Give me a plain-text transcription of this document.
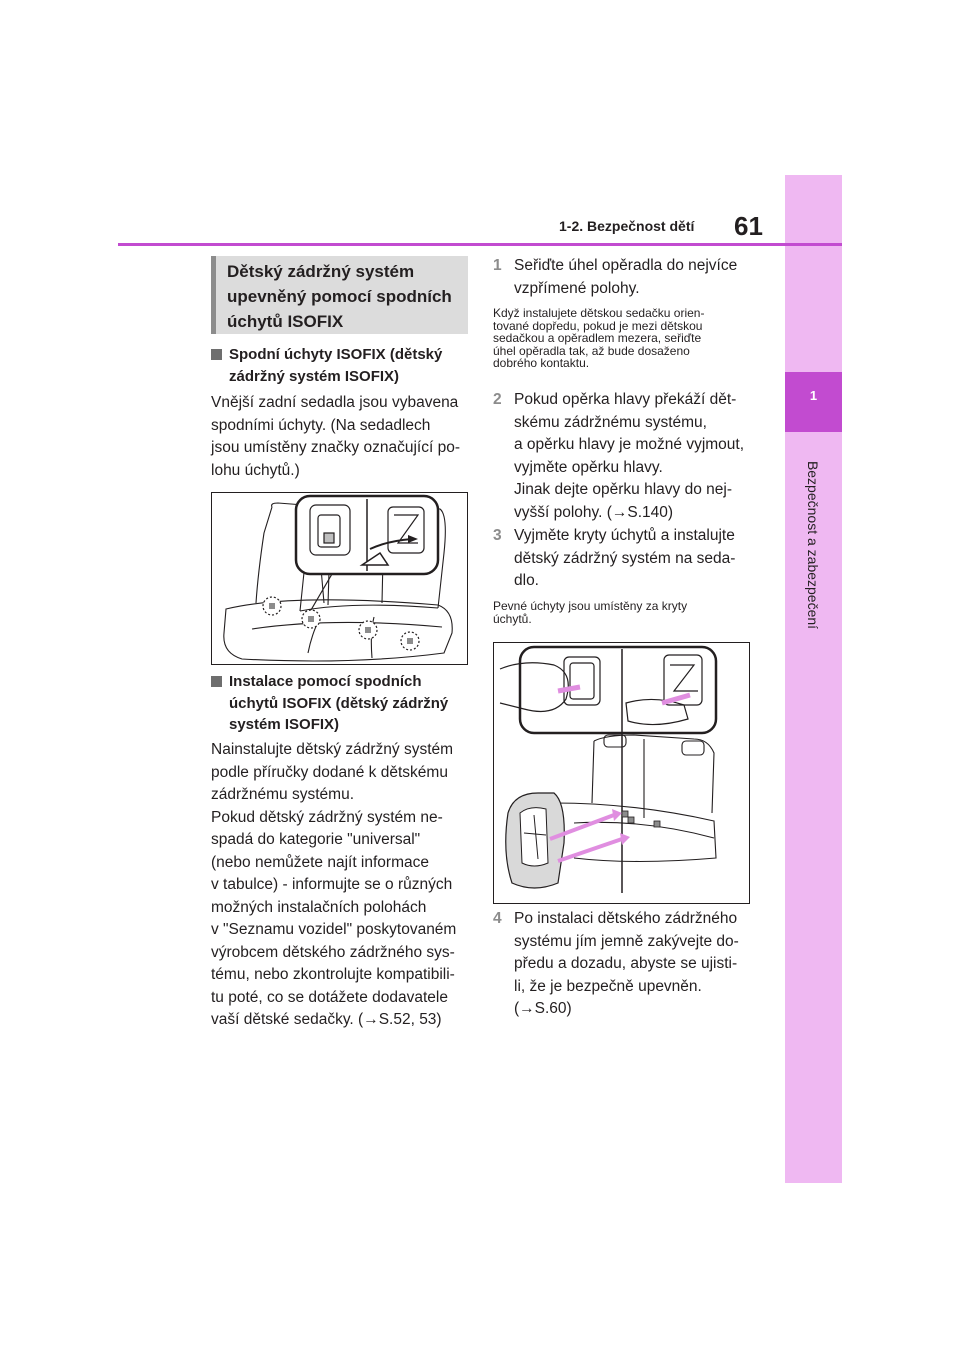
1
Bezpečnost a zabezpečení
1-2. Bezpečnost dětí 61
Dětský zádržný systém
upevněný pomocí spodních
úchytů ISOFIX
Spodní úchyty ISOFIX (dětský
zádržný systém ISOFIX)
Vnější zadní sedadla jsou vybavena
spodními úchyty. (Na sedadlech
jsou umístěny značky označující po-
lohu úchytů.)
Instalace pomocí spodních
úchytů ISOFIX (dětský zádržný
systém ISOFIX)
Nainstalujte dětský zádržný systém
podle příručky dodané k dětskému
zádržnému systému.
Pokud dětský zádržný systém ne-
spadá do kategorie "universal"
(nebo nemůžete najít informace
v tabulce) - informujte se o různých
možných instalačních polohách
v "Seznamu vozidel" poskytovaném
výrobcem dětského zádržného sys-
tému, nebo zkontrolujte kompatibili-
tu poté, co se dotážete dodavatele
vaší dětské sedačky. (→S.52, 53)
1 Seřiďte úhel opěradla do nejvíce
vzpřímené polohy.
Když instalujete dětskou sedačku orien-
tované dopředu, pokud je mezi dětskou
sedačkou a opěradlem mezera, seřiďte
úhel opěradla tak, až bude dosaženo
dobrého kontaktu.
2 Pokud opěrka hlavy překáží dět-
skému zádržnému systému,
a opěrku hlavy je možné vyjmout,
vyjměte opěrku hlavy.
Jinak dejte opěrku hlavy do nej-
vyšší polohy. (→S.140)
3 Vyjměte kryty úchytů a instalujte
dětský zádržný systém na seda-
dlo.
Pevné úchyty jsou umístěny za kryty
úchytů.
4 Po instalaci dětského zádržného
systému jím jemně zakývejte do-
předu a dozadu, abyste se ujisti-
li, že je bezpečně upevněn.
(→S.60)
